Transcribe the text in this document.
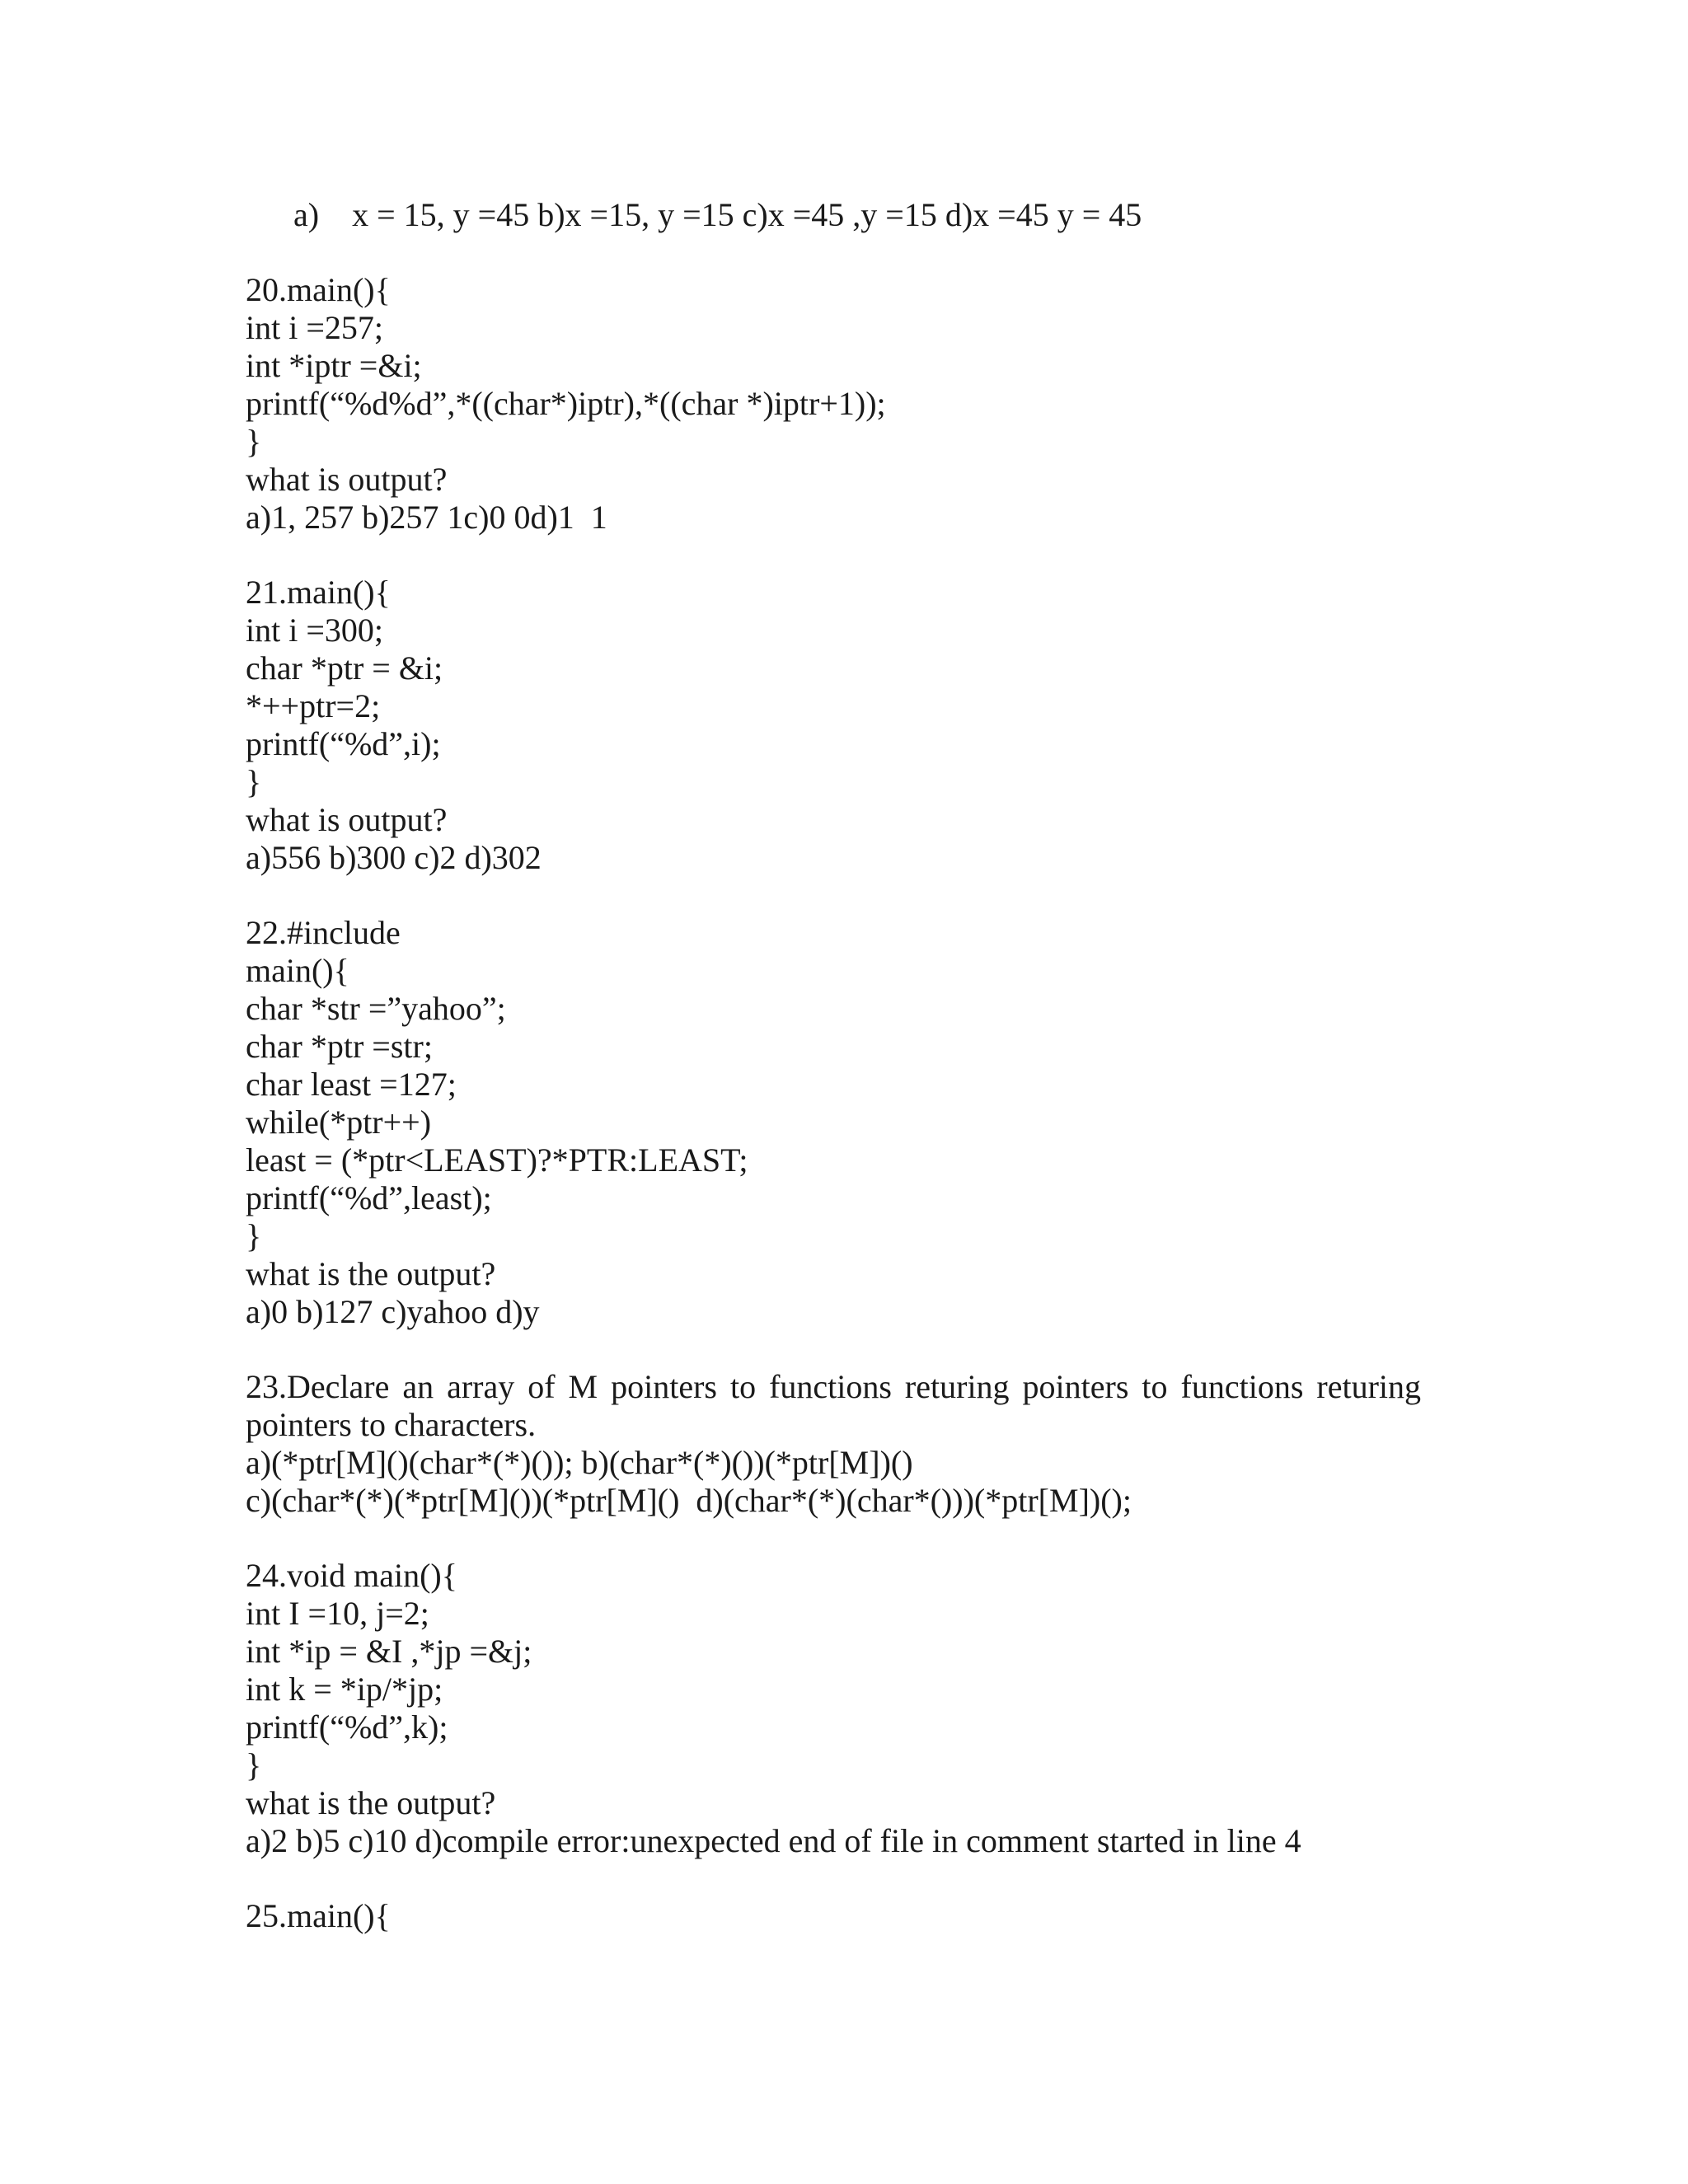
a)    x = 15, y =45 b)x =15, y =15 c)x =45 ,y =15 d)x =45 y = 45
20.main(){
int i =257;
int *iptr =&i;
printf(“%d%d”,*((char*)iptr),*((char *)iptr+1));
}
what is output?
a)1, 257 b)257 1c)0 0d)1  1
21.main(){
int i =300;
char *ptr = &i;
*++ptr=2;
printf(“%d”,i);
}
what is output?
a)556 b)300 c)2 d)302
22.#include
main(){
char *str =”yahoo”;
char *ptr =str;
char least =127;
while(*ptr++)
least = (*ptr<LEAST)?*PTR:LEAST;
printf(“%d”,least);
}
what is the output?
a)0 b)127 c)yahoo d)y
23.Declare an array of M pointers to functions returing pointers to functions returing
pointers to characters.
a)(*ptr[M]()(char*(*)()); b)(char*(*)())(*ptr[M])()
c)(char*(*)(*ptr[M]())(*ptr[M]()  d)(char*(*)(char*()))(*ptr[M])();
24.void main(){
int I =10, j=2;
int *ip = &I ,*jp =&j;
int k = *ip/*jp;
printf(“%d”,k);
}
what is the output?
a)2 b)5 c)10 d)compile error:unexpected end of file in comment started in line 4
25.main(){
